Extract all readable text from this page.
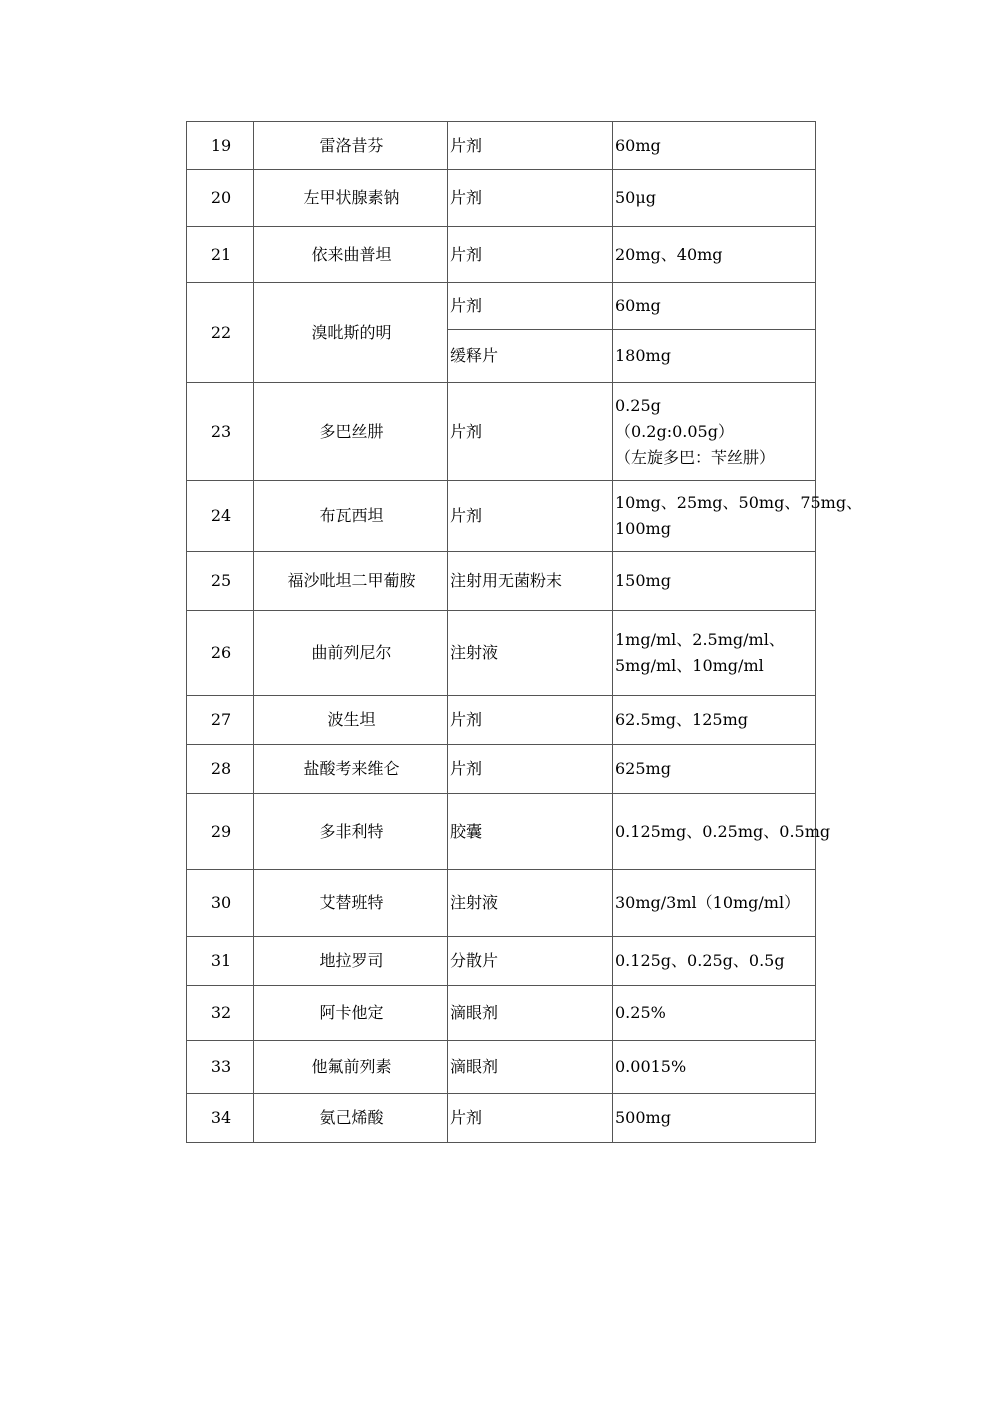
19	雷洛昔芬	片剂	60mg

20	左甲状腺素钠	片剂	50μg

21	依来曲普坦	片剂	20mg、40mg

22	溴吡斯的明	片剂	60mg

		缓释片	180mg

23	多巴丝肼	片剂	0.25g
（0.2g:0.05g）
（左旋多巴：苄丝肼）

24	布瓦西坦	片剂	10mg、25mg、50mg、75mg、
100mg

25	福沙吡坦二甲葡胺	注射用无菌粉末	150mg

26	曲前列尼尔	注射液	1mg/ml、2.5mg/ml、
5mg/ml、10mg/ml

27	波生坦	片剂	62.5mg、125mg

28	盐酸考来维仑	片剂	625mg

29	多非利特	胶囊	0.125mg、0.25mg、0.5mg

30	艾替班特	注射液	30mg/3ml（10mg/ml）

31	地拉罗司	分散片	0.125g、0.25g、0.5g

32	阿卡他定	滴眼剂	0.25%

33	他氟前列素	滴眼剂	0.0015%

34	氨己烯酸	片剂	500mg
